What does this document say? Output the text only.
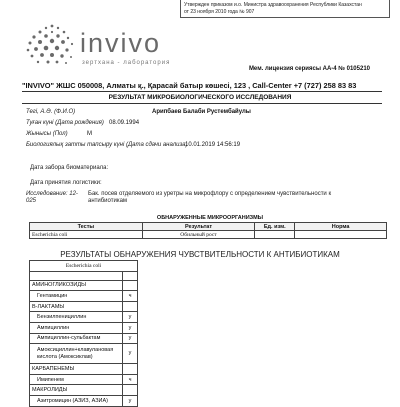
Утвержден приказом и.о. Министра здравоохранения Республики Казахстан
от 23 ноября 2010 года № 907
invivo
зертхана - лаборатория
Мем. лицензия сериясы АА-4 № 0105210
"INVIVO" ЖШС 050008, Алматы қ., Қарасай батыр көшесі, 123 , Call-Center +7 (727) 258 83 83
РЕЗУЛЬТАТ МИКРОБИОЛОГИЧЕСКОГО ИССЛЕДОВАНИЯ
Тегі, А.Ә. (Ф.И.О)	Арипбаев Балаби Рустембайулы
Туған күні (Дата рождения) 08.09.1994
Жынысы (Пол)	М
Биологиялық затты тапсыру күні (Дата сдачи анализа)
10.01.2019 14:56:19
Дата забора биоматериала:
Дата принятия логистики:
Исследование: 12-025
Бак. посев отделяемого из уретры на микрофлору с определением чувствительности к антибиотикам
ОБНАРУЖЕННЫЕ МИКРООРГАНИЗМЫ
Тесты	Результат	Ед. изм.	Норма
Escherichia coli	Обильный рост		
РЕЗУЛЬТАТЫ ОБНАРУЖЕНИЯ ЧУВСТВИТЕЛЬНОСТИ К АНТИБИОТИКАМ
Escherichia coli	

АМИНОГЛИКОЗИДЫ	
Гентамицин	ч
В-ЛАКТАМЫ	
Бензилпенициллин	у
Ампициллин	у
Ампициллин-сульбактам	у
Амоксициллин+клавулановая кислота (Амоксиклав)	у
КАРБАПЕНЕМЫ	
Имипенем	ч
МАКРОЛИДЫ	
Азитромицин (АЗИЗ, АЗИА)	у
